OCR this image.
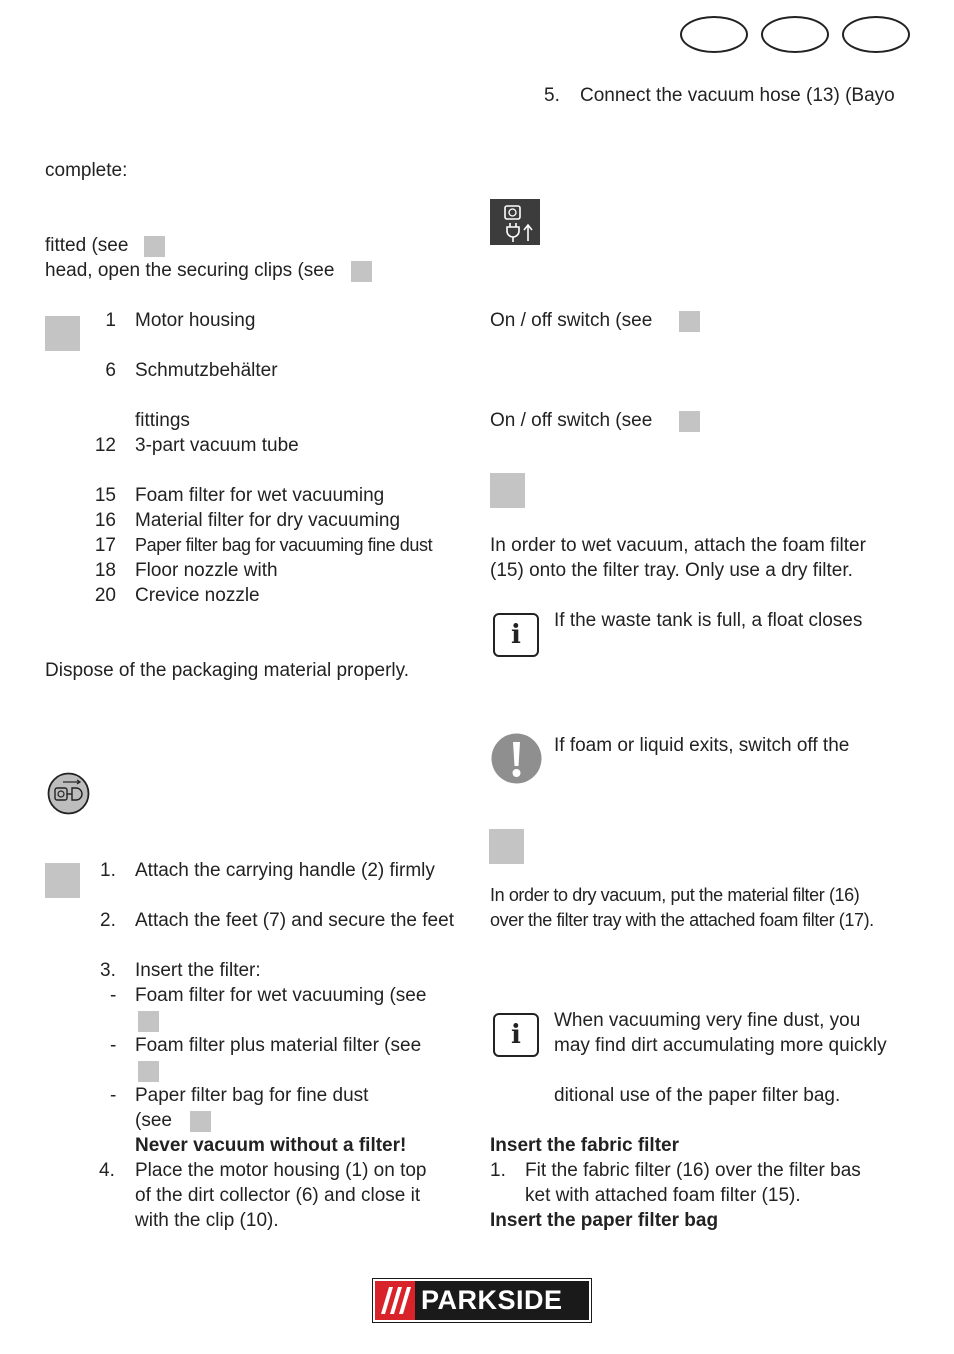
5. Connect the vacuum hose (13) (Bayo
complete:
fitted (see
head, open the securing clips (see
1 Motor housing
6 Schmutzbehälter
fittings
12 3-part vacuum tube
15 Foam filter for wet vacuuming
16 Material filter for dry vacuuming
17 Paper filter bag for vacuuming fine dust
18 Floor nozzle with
20 Crevice nozzle
Dispose of the packaging material properly.
1. Attach the carrying handle (2) firmly
2. Attach the feet (7) and secure the feet
3. Insert the filter:
- Foam filter for wet vacuuming (see
- Foam filter plus material filter (see
- Paper filter bag for fine dust
(see
Never vacuum without a filter!
4. Place the motor housing (1) on top
of the dirt collector (6) and close it
with the clip (10).
On / off switch (see
On / off switch (see
In order to wet vacuum, attach the foam filter
(15) onto the filter tray. Only use a dry filter.
i	If the waste tank is full, a float closes
If foam or liquid exits, switch off the
In order to dry vacuum, put the material filter (16)
over the filter tray with the attached foam filter (17).
i	When vacuuming very fine dust, you
may find dirt accumulating more quickly
ditional use of the paper filter bag.
Insert the fabric filter
1. Fit the fabric filter (16) over the filter bas
ket with attached foam filter (15).
Insert the paper filter bag
PARKSIDE
